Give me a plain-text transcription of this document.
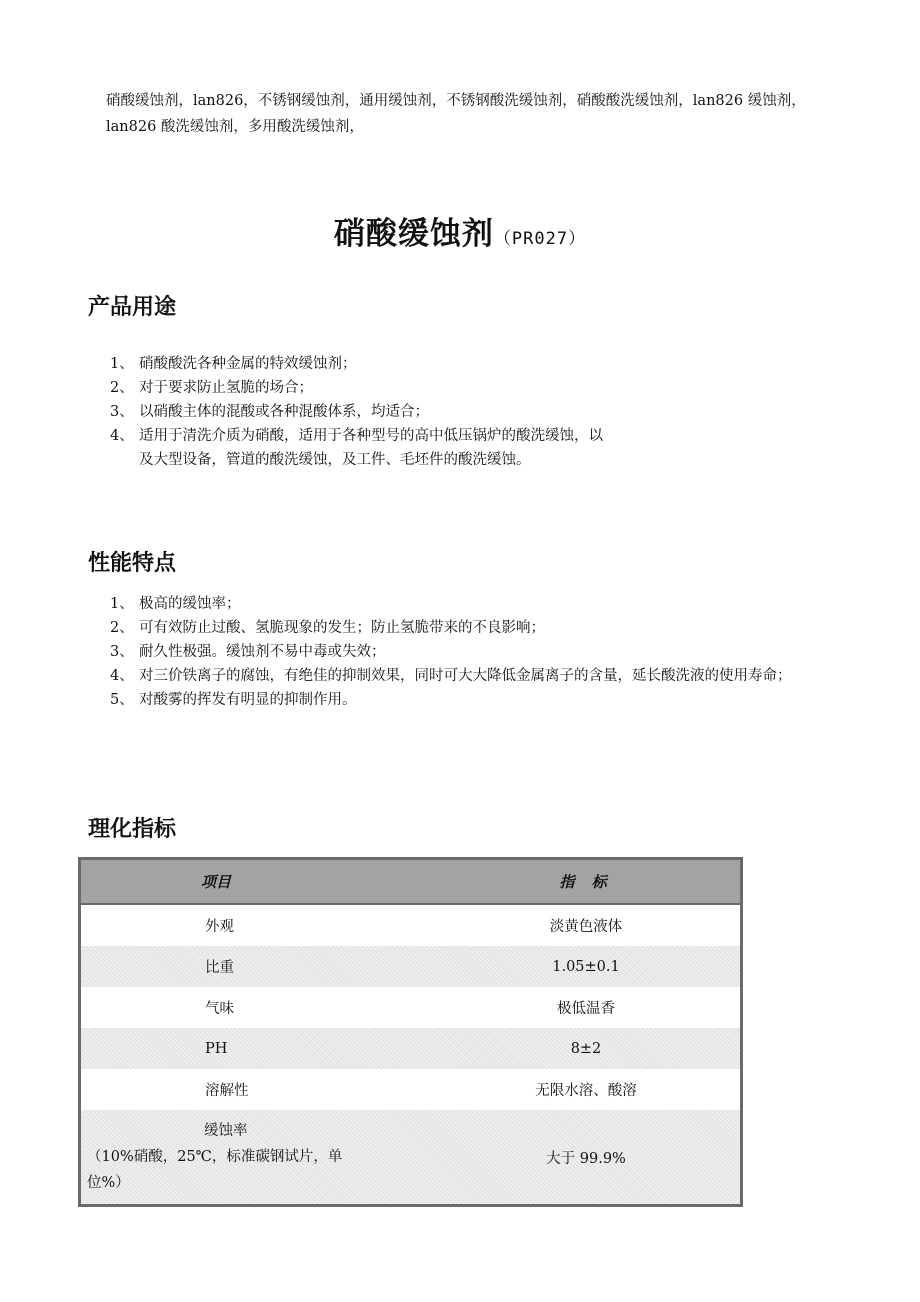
硝酸缓蚀剂，lan826，不锈钢缓蚀剂，通用缓蚀剂，不锈钢酸洗缓蚀剂，硝酸酸洗缓蚀剂，lan826 缓蚀剂，lan826 酸洗缓蚀剂，多用酸洗缓蚀剂，
硝酸缓蚀剂（PR027）
产品用途
1、 硝酸酸洗各种金属的特效缓蚀剂；
2、 对于要求防止氢脆的场合；
3、 以硝酸主体的混酸或各种混酸体系，均适合；
4、 适用于清洗介质为硝酸，适用于各种型号的高中低压锅炉的酸洗缓蚀，以及大型设备，管道的酸洗缓蚀，及工件、毛坯件的酸洗缓蚀。
性能特点
1、 极高的缓蚀率；
2、 可有效防止过酸、氢脆现象的发生；防止氢脆带来的不良影响；
3、 耐久性极强。缓蚀剂不易中毒或失效；
4、 对三价铁离子的腐蚀，有绝佳的抑制效果，同时可大大降低金属离子的含量，延长酸洗液的使用寿命；
5、 对酸雾的挥发有明显的抑制作用。
理化指标
项目	指 标
外观	淡黄色液体
比重	1.05±0.1
气味	极低温香
PH	8±2
溶解性	无限水溶、酸溶

缓蚀率
（10%硝酸，25℃，标准碳钢试片，单位%）	大于 99.9%
